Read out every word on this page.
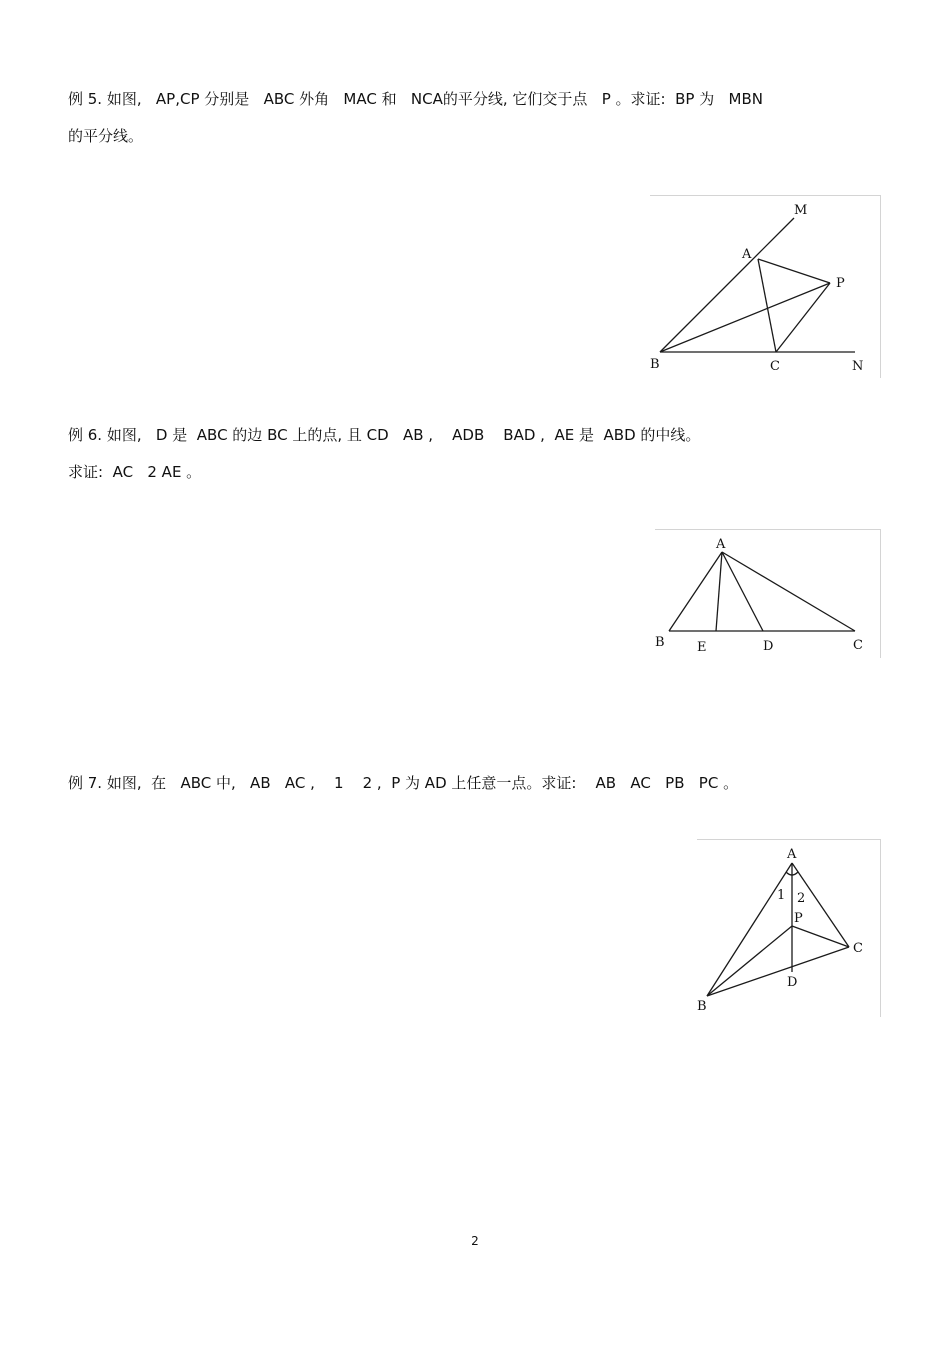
例 5. 如图,   AP,CP 分别是   ABC 外角   MAC 和   NCA的平分线, 它们交于点   P 。求证:  BP 为   MBN
的平分线。
M
A
P
B	C	N
例 6. 如图,   D 是  ABC 的边 BC 上的点, 且 CD   AB ,    ADB    BAD ,  AE 是  ABD 的中线。
求证:  AC   2 AE 。
A
B E	D	C
例 7. 如图,  在   ABC 中,   AB   AC ,    1    2 ,  P 为 AD 上任意一点。求证:    AB   AC   PB   PC 。
A
1 2
P
C
D
B
2
